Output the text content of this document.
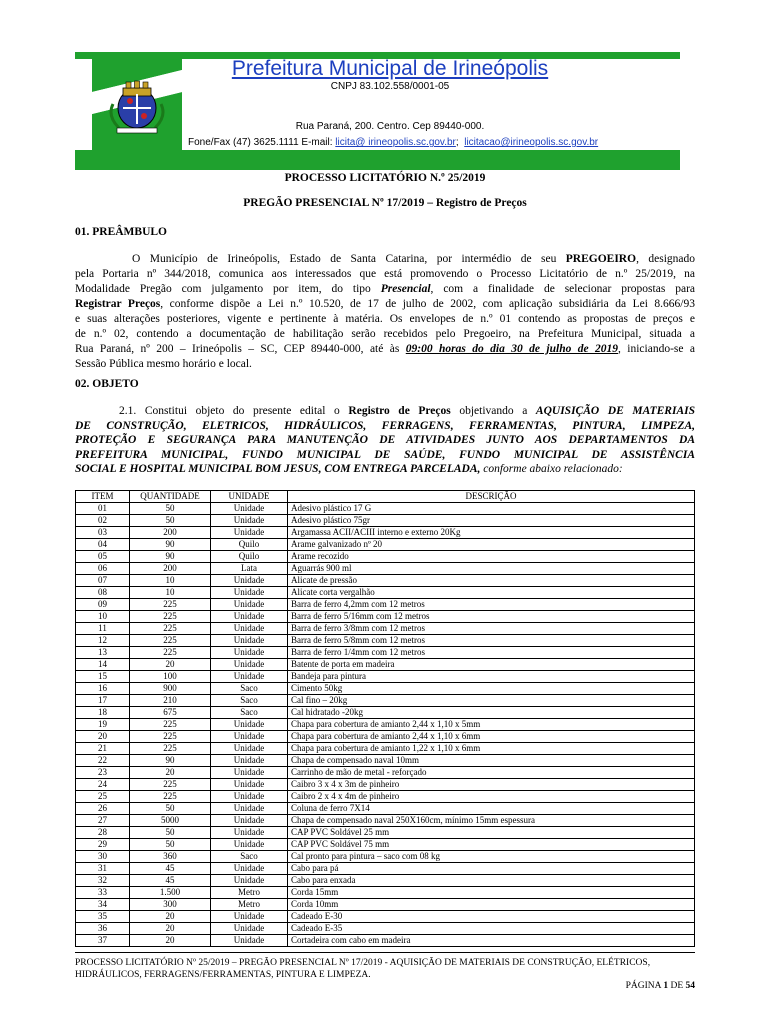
Prefeitura Municipal de Irineópolis
CNPJ 83.102.558/0001-05
Rua Paraná, 200. Centro. Cep 89440-000.
Fone/Fax (47) 3625.1111 E-mail: licita@ irineopolis.sc.gov.br; licitacao@irineopolis.sc.gov.br
PROCESSO LICITATÓRIO N.º 25/2019
PREGÃO PRESENCIAL Nº 17/2019 – Registro de Preços
01. PREÂMBULO
O Município de Irineópolis, Estado de Santa Catarina, por intermédio de seu PREGOEIRO, designado
pela Portaria nº 344/2018, comunica aos interessados que está promovendo o Processo Licitatório de n.º 25/2019, na
Modalidade Pregão com julgamento por item, do tipo Presencial, com a finalidade de selecionar propostas para
Registrar Preços, conforme dispõe a Lei n.º 10.520, de 17 de julho de 2002, com aplicação subsidiária da Lei 8.666/93
e suas alterações posteriores, vigente e pertinente à matéria. Os envelopes de n.º 01 contendo as propostas de preços e
de n.º 02, contendo a documentação de habilitação serão recebidos pelo Pregoeiro, na Prefeitura Municipal, situada a
Rua Paraná, nº 200 – Irineópolis – SC, CEP 89440-000, até às 09:00 horas do dia 30 de julho de 2019, iniciando-se a
Sessão Pública mesmo horário e local.
02. OBJETO
2.1. Constitui objeto do presente edital o Registro de Preços objetivando a AQUISIÇÃO DE MATERIAIS
DE CONSTRUÇÃO, ELETRICOS, HIDRÁULICOS, FERRAGENS, FERRAMENTAS, PINTURA, LIMPEZA,
PROTEÇÃO E SEGURANÇA PARA MANUTENÇÃO DE ATIVIDADES JUNTO AOS DEPARTAMENTOS DA
PREFEITURA MUNICIPAL, FUNDO MUNICIPAL DE SAÚDE, FUNDO MUNICIPAL DE ASSISTÊNCIA
SOCIAL E HOSPITAL MUNICIPAL BOM JESUS, COM ENTREGA PARCELADA, conforme abaixo relacionado:
ITEM	QUANTIDADE	UNIDADE	DESCRIÇÃO
01	50	Unidade	Adesivo plástico 17 G
02	50	Unidade	Adesivo plástico 75gr
03	200	Unidade	Argamassa ACII/ACIII interno e externo 20Kg
04	90	Quilo	Arame galvanizado nº 20
05	90	Quilo	Arame recozido
06	200	Lata	Aguarrás 900 ml
07	10	Unidade	Alicate de pressão
08	10	Unidade	Alicate corta vergalhão
09	225	Unidade	Barra de ferro 4,2mm com 12 metros
10	225	Unidade	Barra de ferro 5/16mm com 12 metros
11	225	Unidade	Barra de ferro 3/8mm com 12 metros
12	225	Unidade	Barra de ferro 5/8mm com 12 metros
13	225	Unidade	Barra de ferro 1/4mm com 12 metros
14	20	Unidade	Batente de porta em madeira
15	100	Unidade	Bandeja para pintura
16	900	Saco	Cimento 50kg
17	210	Saco	Cal fino – 20kg
18	675	Saco	Cal hidratado -20kg
19	225	Unidade	Chapa para cobertura de amianto 2,44 x 1,10 x 5mm
20	225	Unidade	Chapa para cobertura de amianto 2,44 x 1,10 x 6mm
21	225	Unidade	Chapa para cobertura de amianto 1,22 x 1,10 x 6mm
22	90	Unidade	Chapa de compensado naval 10mm
23	20	Unidade	Carrinho de mão de metal - reforçado
24	225	Unidade	Caibro 3 x 4 x 3m de pinheiro
25	225	Unidade	Caibro 2 x 4 x 4m de pinheiro
26	50	Unidade	Coluna de ferro 7X14
27	5000	Unidade	Chapa de compensado naval 250X160cm, mínimo 15mm espessura
28	50	Unidade	CAP PVC Soldável 25 mm
29	50	Unidade	CAP PVC Soldável 75 mm
30	360	Saco	Cal pronto para pintura – saco com 08 kg
31	45	Unidade	Cabo para pá
32	45	Unidade	Cabo para enxada
33	1.500	Metro	Corda 15mm
34	300	Metro	Corda 10mm
35	20	Unidade	Cadeado E-30
36	20	Unidade	Cadeado E-35
37	20	Unidade	Cortadeira com cabo em madeira
PROCESSO LICITATÓRIO Nº 25/2019 – PREGÃO PRESENCIAL Nº 17/2019 - AQUISIÇÃO DE MATERIAIS DE CONSTRUÇÃO, ELÉTRICOS, HIDRÁULICOS, FERRAGENS/FERRAMENTAS, PINTURA E LIMPEZA.
PÁGINA 1 DE 54
